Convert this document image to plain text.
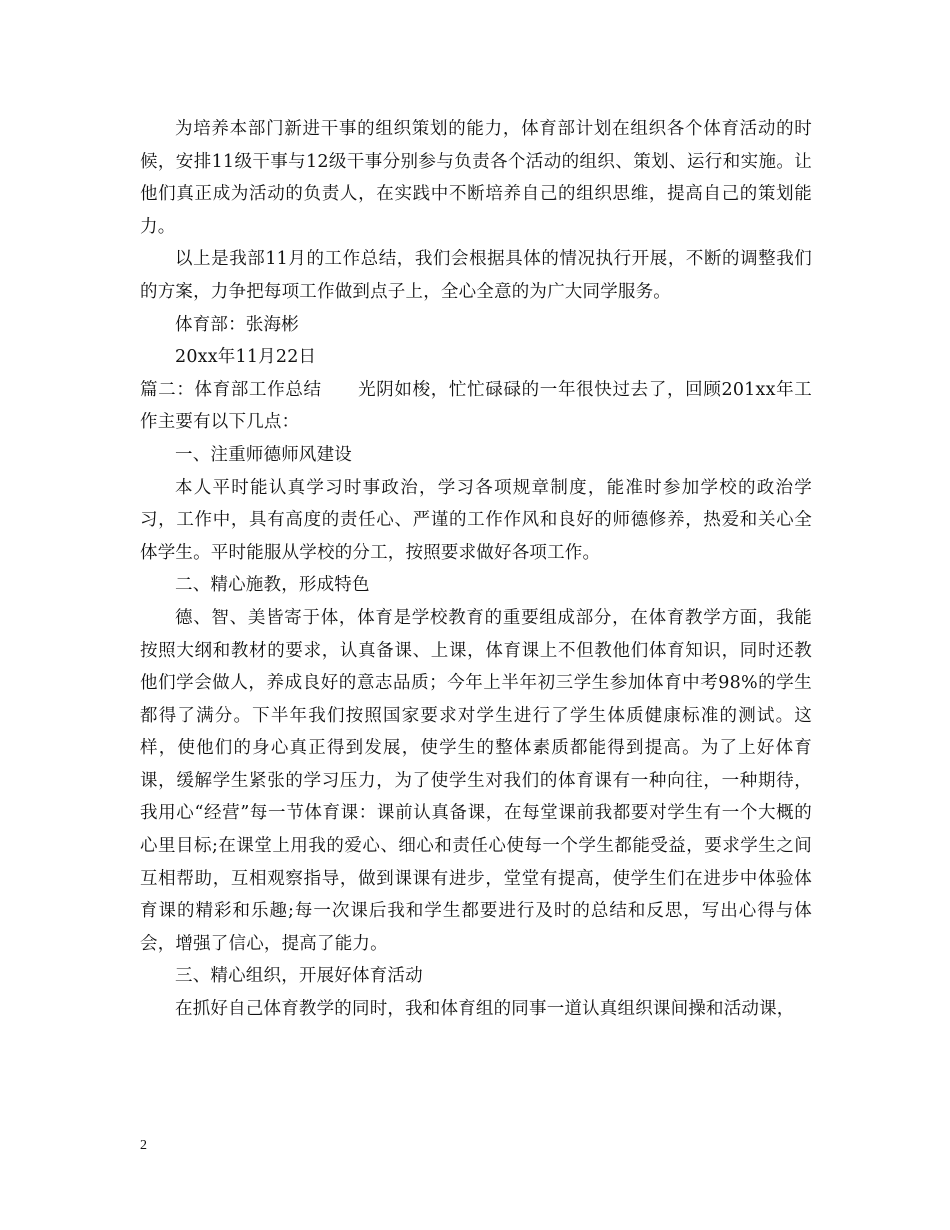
为培养本部门新进干事的组织策划的能力，体育部计划在组织各个体育活动的时候，安排11级干事与12级干事分别参与负责各个活动的组织、策划、运行和实施。让他们真正成为活动的负责人，在实践中不断培养自己的组织思维，提高自己的策划能力。

以上是我部11月的工作总结，我们会根据具体的情况执行开展，不断的调整我们的方案，力争把每项工作做到点子上，全心全意的为广大同学服务。

体育部：张海彬

20xx年11月22日

篇二：体育部工作总结　　光阴如梭，忙忙碌碌的一年很快过去了，回顾201xx年工作主要有以下几点：

一、注重师德师风建设

本人平时能认真学习时事政治，学习各项规章制度，能准时参加学校的政治学习，工作中，具有高度的责任心、严谨的工作作风和良好的师德修养，热爱和关心全体学生。平时能服从学校的分工，按照要求做好各项工作。

二、精心施教，形成特色

德、智、美皆寄于体，体育是学校教育的重要组成部分，在体育教学方面，我能按照大纲和教材的要求，认真备课、上课，体育课上不但教他们体育知识，同时还教他们学会做人，养成良好的意志品质；今年上半年初三学生参加体育中考98%的学生都得了满分。下半年我们按照国家要求对学生进行了学生体质健康标准的测试。这样，使他们的身心真正得到发展，使学生的整体素质都能得到提高。为了上好体育课，缓解学生紧张的学习压力，为了使学生对我们的体育课有一种向往，一种期待，我用心“经营”每一节体育课：课前认真备课，在每堂课前我都要对学生有一个大概的心里目标;在课堂上用我的爱心、细心和责任心使每一个学生都能受益，要求学生之间互相帮助，互相观察指导，做到课课有进步，堂堂有提高，使学生们在进步中体验体育课的精彩和乐趣;每一次课后我和学生都要进行及时的总结和反思，写出心得与体会，增强了信心，提高了能力。

三、精心组织，开展好体育活动

在抓好自己体育教学的同时，我和体育组的同事一道认真组织课间操和活动课，

2
